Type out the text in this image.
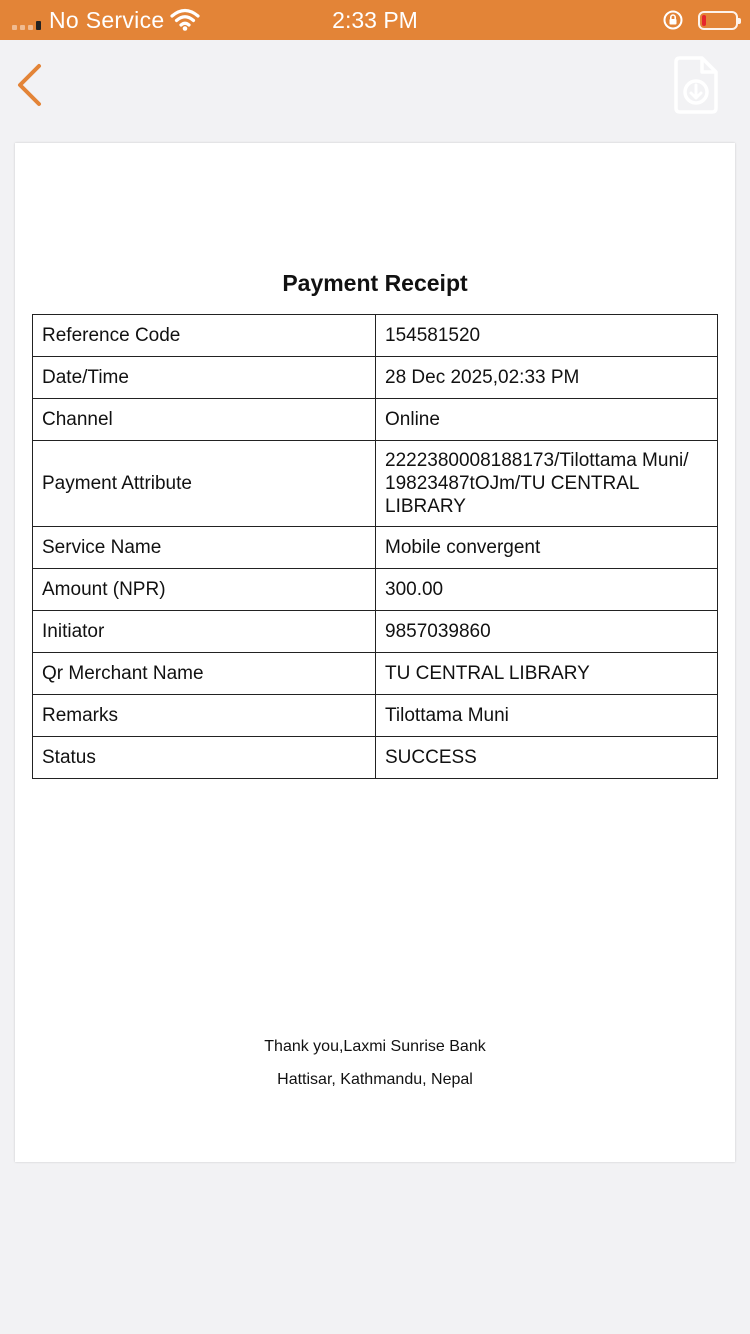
No Service	2:33 PM
Payment Receipt
Reference Code	154581520
Date/Time	28 Dec 2025,02:33 PM
Channel	Online
Payment Attribute	2222380008188173/Tilottama Muni/ 19823487tOJm/TU CENTRAL LIBRARY
Service Name	Mobile convergent
Amount (NPR)	300.00
Initiator	9857039860
Qr Merchant Name	TU CENTRAL LIBRARY
Remarks	Tilottama Muni
Status	SUCCESS
Thank you,Laxmi Sunrise Bank
Hattisar, Kathmandu, Nepal
